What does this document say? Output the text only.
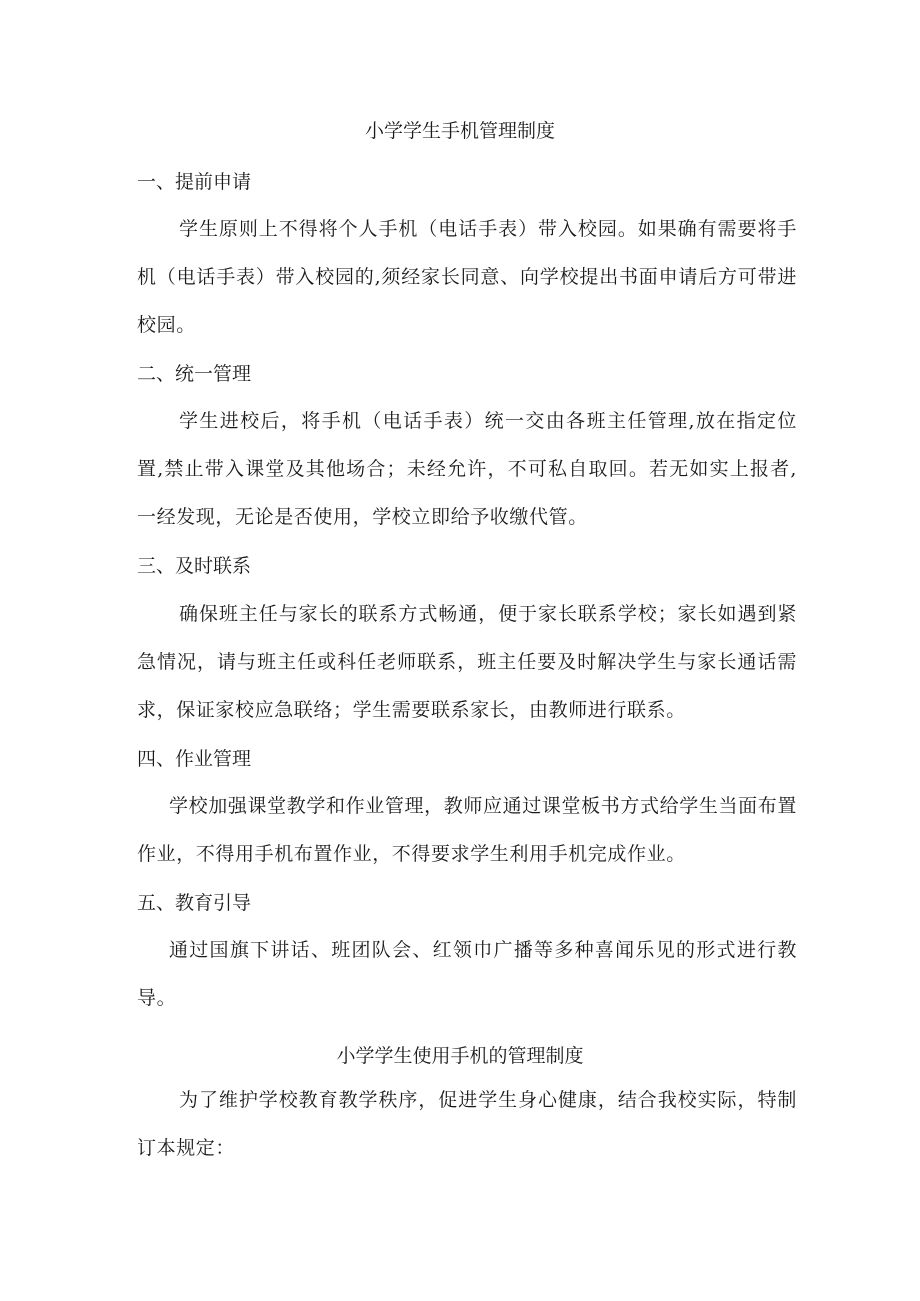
小学学生手机管理制度
一、提前申请

学生原则上不得将个人手机（电话手表）带入校园。如果确有需要将手机（电话手表）带入校园的,须经家长同意、向学校提出书面申请后方可带进校园。

二、统一管理

学生进校后，将手机（电话手表）统一交由各班主任管理,放在指定位置,禁止带入课堂及其他场合；未经允许，不可私自取回。若无如实上报者,一经发现，无论是否使用，学校立即给予收缴代管。

三、及时联系

确保班主任与家长的联系方式畅通，便于家长联系学校；家长如遇到紧急情况，请与班主任或科任老师联系，班主任要及时解决学生与家长通话需求，保证家校应急联络；学生需要联系家长，由教师进行联系。

四、作业管理

学校加强课堂教学和作业管理，教师应通过课堂板书方式给学生当面布置作业，不得用手机布置作业，不得要求学生利用手机完成作业。

五、教育引导

通过国旗下讲话、班团队会、红领巾广播等多种喜闻乐见的形式进行教导。

小学学生使用手机的管理制度

为了维护学校教育教学秩序，促进学生身心健康，结合我校实际，特制订本规定：
